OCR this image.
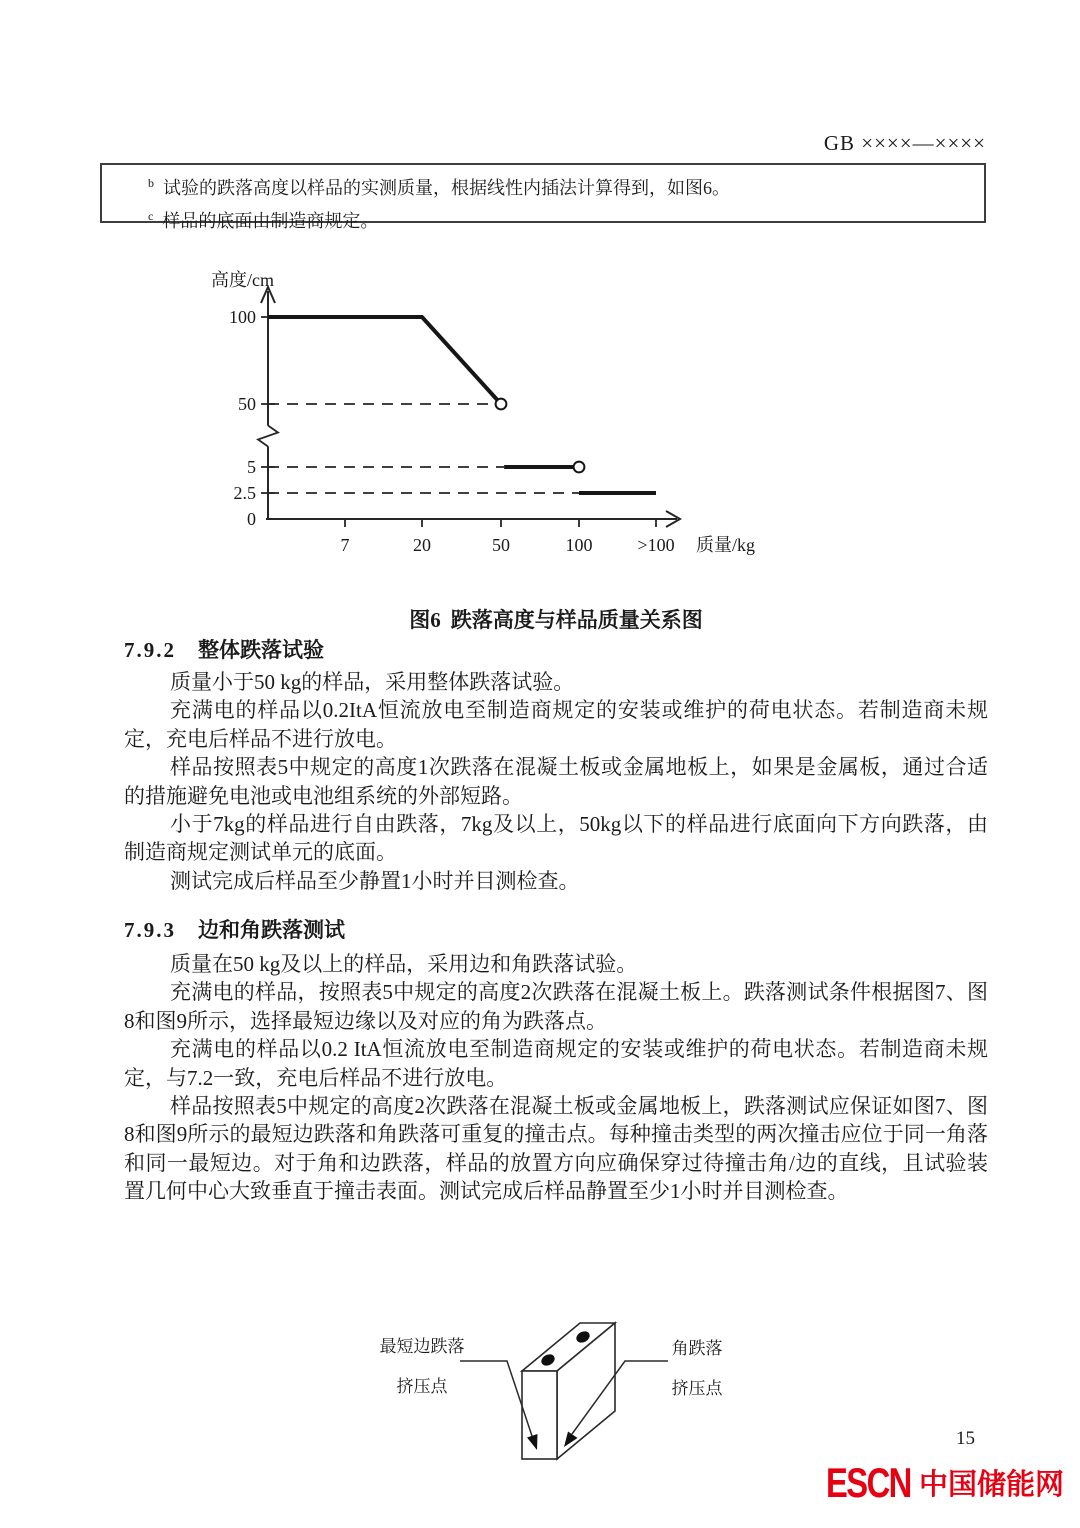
GB ××××—××××
$^b$ 试验的跌落高度以样品的实测质量，根据线性内插法计算得到，如图6。
$^c$ 样品的底面由制造商规定。
0
2.5
5
50
100
7	20	50	100 >100
高度/cm
质量/kg
图6 跌落高度与样品质量关系图
7.9.2 整体跌落试验

质量小于50 kg的样品，采用整体跌落试验。

充满电的样品以0.2ItA恒流放电至制造商规定的安装或维护的荷电状态。若制造商未规定，充电后样品不进行放电。

样品按照表5中规定的高度1次跌落在混凝土板或金属地板上，如果是金属板，通过合适的措施避免电池或电池组系统的外部短路。

小于7kg的样品进行自由跌落，7kg及以上，50kg以下的样品进行底面向下方向跌落，由制造商规定测试单元的底面。

测试完成后样品至少静置1小时并目测检查。

7.9.3 边和角跌落测试

质量在50 kg及以上的样品，采用边和角跌落试验。

充满电的样品，按照表5中规定的高度2次跌落在混凝土板上。跌落测试条件根据图7、图8和图9所示，选择最短边缘以及对应的角为跌落点。

充满电的样品以0.2 ItA恒流放电至制造商规定的安装或维护的荷电状态。若制造商未规定，与7.2一致，充电后样品不进行放电。

样品按照表5中规定的高度2次跌落在混凝土板或金属地板上，跌落测试应保证如图7、图8和图9所示的最短边跌落和角跌落可重复的撞击点。每种撞击类型的两次撞击应位于同一角落和同一最短边。对于角和边跌落，样品的放置方向应确保穿过待撞击角/边的直线，且试验装置几何中心大致垂直于撞击表面。测试完成后样品静置至少1小时并目测检查。

最短边跌落
挤压点
角跌落
挤压点
15
ESCN 中国储能网
